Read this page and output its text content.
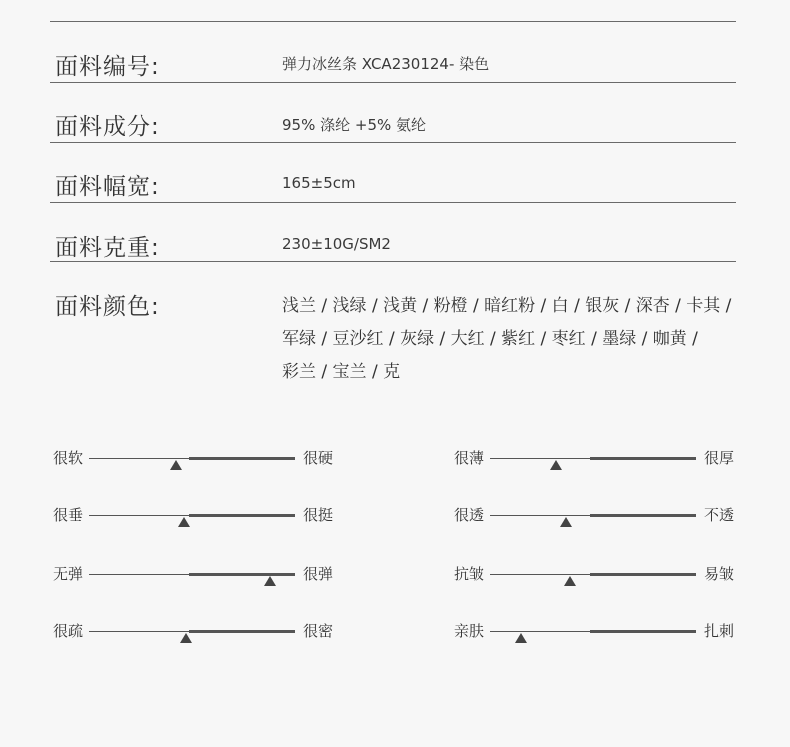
面料编号:	弹力冰丝条 XCA230124- 染色
面料成分:	95% 涤纶 +5% 氨纶
面料幅宽:	165±5cm
面料克重:	230±10G/SM2
面料颜色:	浅兰 / 浅绿 / 浅黄 / 粉橙 / 暗红粉 / 白 / 银灰 / 深杏 / 卡其 /
军绿 / 豆沙红 / 灰绿 / 大红 / 紫红 / 枣红 / 墨绿 / 咖黄 /
彩兰 / 宝兰 / 克
很软	很硬	很薄	很厚
很垂	很挺	很透	不透
无弹	很弹	抗皱	易皱
很疏	很密	亲肤	扎刺
